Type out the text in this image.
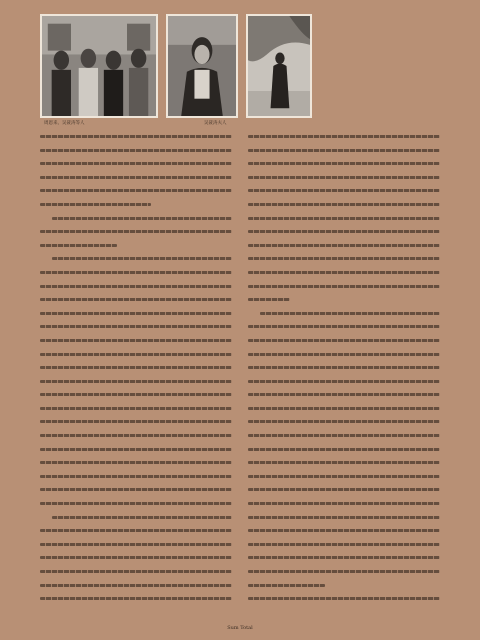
周恩来、吴聂涛等人	吴聂涛夫人
Sum Total
